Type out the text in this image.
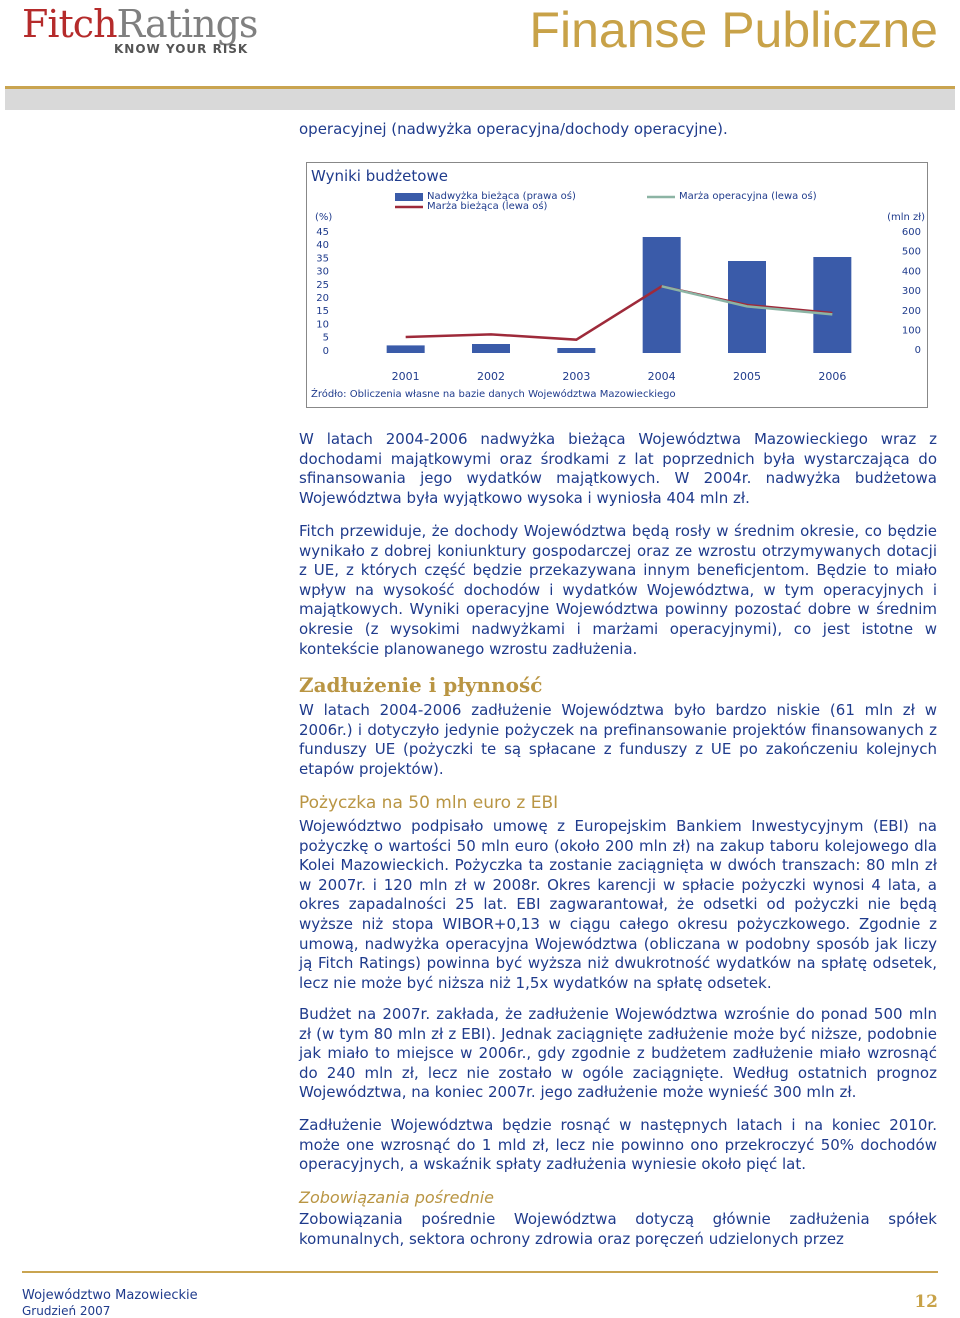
FitchRatings
KNOW YOUR RISK	Finanse Publiczne
operacyjnej (nadwyżka operacyjna/dochody operacyjne).
Wyniki budżetowe
(%)
45
40
35
30
25
20
15
10
5
0
(mln zł)
600
500
400
300
200
100
0
Nadwyżka bieżąca (prawa oś)
Marża bieżąca (lewa oś)
Marża operacyjna (lewa oś)
2001	2002	2003	2004	2005	2006
Źródło: Obliczenia własne na bazie danych Województwa Mazowieckiego

W latach 2004-2006 nadwyżka bieżąca Województwa Mazowieckiego wraz z dochodami majątkowymi oraz środkami z lat poprzednich była wystarczająca do sfinansowania jego wydatków majątkowych. W 2004r. nadwyżka budżetowa Województwa była wyjątkowo wysoka i wyniosła 404 mln zł.

Fitch przewiduje, że dochody Województwa będą rosły w średnim okresie, co będzie wynikało z dobrej koniunktury gospodarczej oraz ze wzrostu otrzymywanych dotacji z UE, z których część będzie przekazywana innym beneficjentom. Będzie to miało wpływ na wysokość dochodów i wydatków Województwa, w tym operacyjnych i majątkowych. Wyniki operacyjne Województwa powinny pozostać dobre w średnim okresie (z wysokimi nadwyżkami i marżami operacyjnymi), co jest istotne w kontekście planowanego wzrostu zadłużenia.

Zadłużenie i płynność

W latach 2004-2006 zadłużenie Województwa było bardzo niskie (61 mln zł w 2006r.) i dotyczyło jedynie pożyczek na prefinansowanie projektów finansowanych z funduszy UE (pożyczki te są spłacane z funduszy z UE po zakończeniu kolejnych etapów projektów).

Pożyczka na 50 mln euro z EBI

Województwo podpisało umowę z Europejskim Bankiem Inwestycyjnym (EBI) na pożyczkę o wartości 50 mln euro (około 200 mln zł) na zakup taboru kolejowego dla Kolei Mazowieckich. Pożyczka ta zostanie zaciągnięta w dwóch transzach: 80 mln zł w 2007r. i 120 mln zł w 2008r. Okres karencji w spłacie pożyczki wynosi 4 lata, a okres zapadalności 25 lat. EBI zagwarantował, że odsetki od pożyczki nie będą wyższe niż stopa WIBOR+0,13 w ciągu całego okresu pożyczkowego. Zgodnie z umową, nadwyżka operacyjna Województwa (obliczana w podobny sposób jak liczy ją Fitch Ratings) powinna być wyższa niż dwukrotność wydatków na spłatę odsetek, lecz nie może być niższa niż 1,5x wydatków na spłatę odsetek.

Budżet na 2007r. zakłada, że zadłużenie Województwa wzrośnie do ponad 500 mln zł (w tym 80 mln zł z EBI). Jednak zaciągnięte zadłużenie może być niższe, podobnie jak miało to miejsce w 2006r., gdy zgodnie z budżetem zadłużenie miało wzrosnąć do 240 mln zł, lecz nie zostało w ogóle zaciągnięte. Według ostatnich prognoz Województwa, na koniec 2007r. jego zadłużenie może wynieść 300 mln zł.

Zadłużenie Województwa będzie rosnąć w następnych latach i na koniec 2010r. może one wzrosnąć do 1 mld zł, lecz nie powinno ono przekroczyć 50% dochodów operacyjnych, a wskaźnik spłaty zadłużenia wyniesie około pięć lat.

Zobowiązania pośrednie

Zobowiązania pośrednie Województwa dotyczą głównie zadłużenia spółek komunalnych, sektora ochrony zdrowia oraz poręczeń udzielonych przez

Województwo Mazowieckie
Grudzień 2007	12
